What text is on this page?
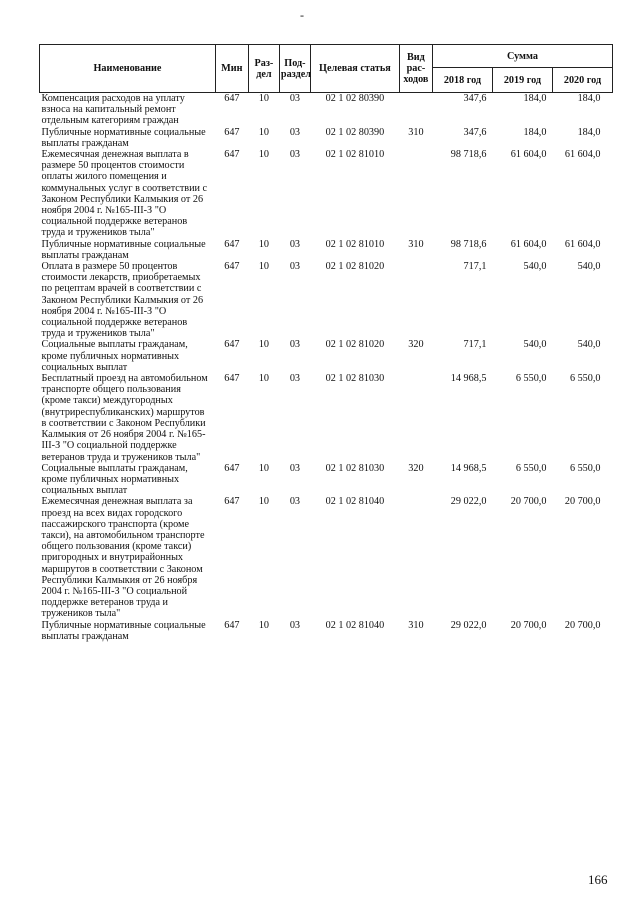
-
Наименование	Мин	Раз-дел	Под-раздел	Целевая статья	Вид рас-ходов	Сумма		
						2018 год	2019 год	2020 год
Компенсация расходов на уплату взноса на капитальный ремонт отдельным категориям граждан	647	10	03	02 1 02 80390		347,6	184,0	184,0
Публичные нормативные социальные выплаты гражданам	647	10	03	02 1 02 80390	310	347,6	184,0	184,0
Ежемесячная денежная выплата в размере 50 процентов стоимости оплаты жилого помещения и коммунальных услуг в соответствии с Законом Республики Калмыкия от 26 ноября 2004 г. №165-III-З "О социальной поддержке ветеранов труда и тружеников тыла"	647	10	03	02 1 02 81010		98 718,6	61 604,0	61 604,0
Публичные нормативные социальные выплаты гражданам	647	10	03	02 1 02 81010	310	98 718,6	61 604,0	61 604,0
Оплата в размере 50 процентов стоимости лекарств, приобретаемых по рецептам врачей в соответствии с Законом Республики Калмыкия от 26 ноября 2004 г. №165-III-З "О социальной поддержке ветеранов труда и тружеников тыла"	647	10	03	02 1 02 81020		717,1	540,0	540,0
Социальные выплаты гражданам, кроме публичных нормативных социальных выплат	647	10	03	02 1 02 81020	320	717,1	540,0	540,0
Бесплатный проезд на автомобильном транспорте общего пользования (кроме такси) междугородных (внутриреспубликанских) маршрутов в соответствии с Законом Республики Калмыкия от 26 ноября 2004 г. №165-III-З "О социальной поддержке ветеранов труда и тружеников тыла"	647	10	03	02 1 02 81030		14 968,5	6 550,0	6 550,0
Социальные выплаты гражданам, кроме публичных нормативных социальных выплат	647	10	03	02 1 02 81030	320	14 968,5	6 550,0	6 550,0
Ежемесячная денежная выплата за проезд на всех видах городского пассажирского транспорта (кроме такси), на автомобильном транспорте общего пользования (кроме такси) пригородных и внутрирайонных маршрутов в соответствии с Законом Республики Калмыкия от 26 ноября 2004 г. №165-III-З "О социальной поддержке ветеранов труда и тружеников тыла"	647	10	03	02 1 02 81040		29 022,0	20 700,0	20 700,0
Публичные нормативные социальные выплаты гражданам	647	10	03	02 1 02 81040	310	29 022,0	20 700,0	20 700,0
166
